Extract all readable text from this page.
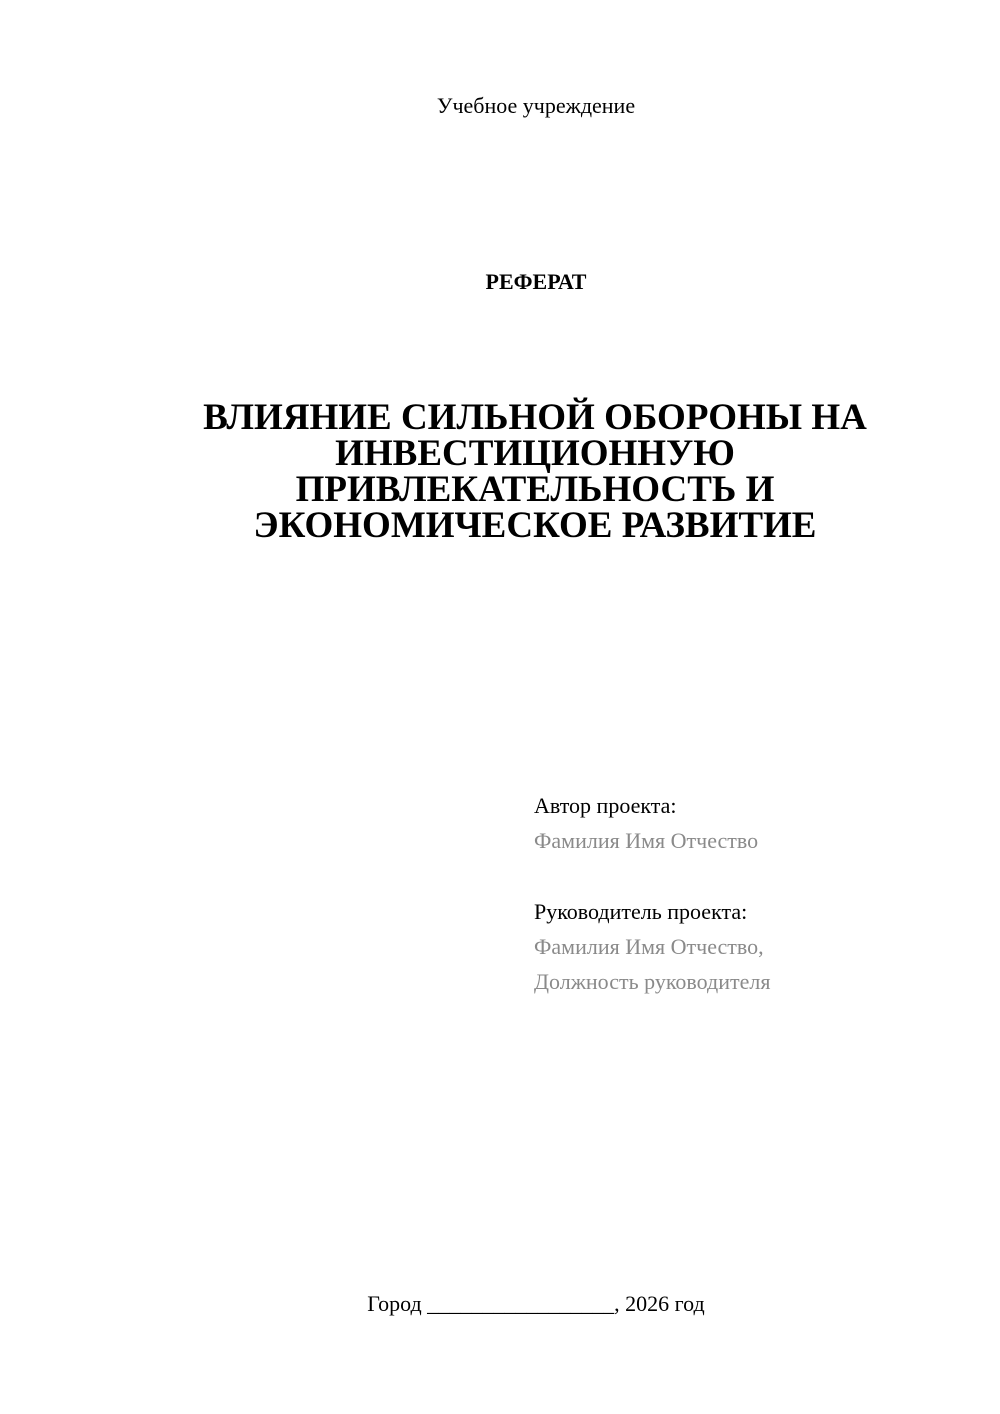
Учебное учреждение
РЕФЕРАТ
ВЛИЯНИЕ СИЛЬНОЙ ОБОРОНЫ НА
ИНВЕСТИЦИОННУЮ
ПРИВЛЕКАТЕЛЬНОСТЬ И
ЭКОНОМИЧЕСКОЕ РАЗВИТИЕ
Автор проекта:
Фамилия Имя Отчество
Руководитель проекта:
Фамилия Имя Отчество,
Должность руководителя
Город _________________, 2026 год
